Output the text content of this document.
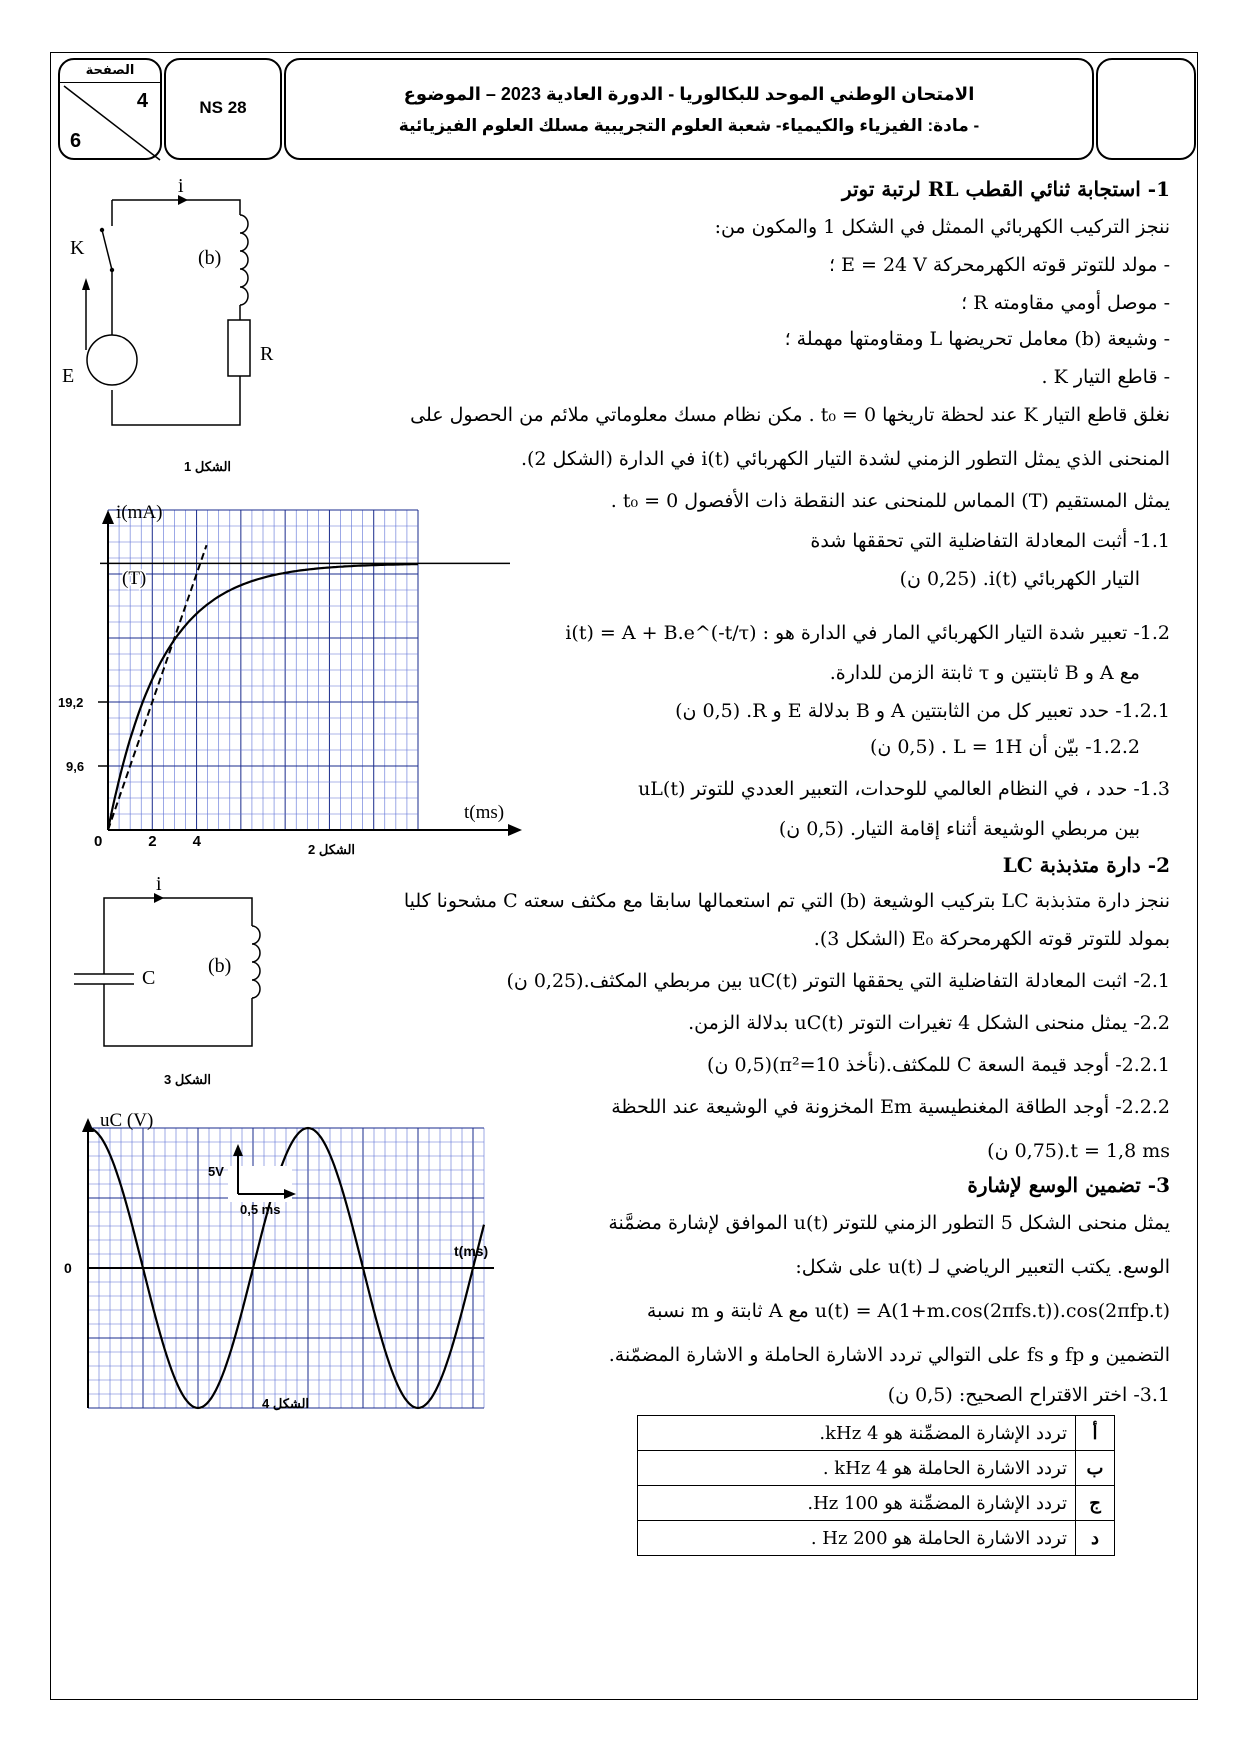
الصفحة
4
6
NS 28
الامتحان الوطني الموحد للبكالوريا - الدورة العادية 2023 – الموضوع
- مادة: الفيزياء والكيمياء- شعبة العلوم التجريبية مسلك العلوم الفيزيائية
1- استجابة ثنائي القطب RL لرتبة توتر
ننجز التركيب الكهربائي الممثل في الشكل 1 والمكون من:
- مولد للتوتر قوته الكهرمحركة E = 24 V ؛
- موصل أومي مقاومته R ؛
- وشيعة (b) معامل تحريضها L ومقاومتها مهملة ؛
- قاطع التيار K .
نغلق قاطع التيار K عند لحظة تاريخها t₀ = 0 . مكن نظام مسك معلوماتي ملائم من الحصول على
المنحنى الذي يمثل التطور الزمني لشدة التيار الكهربائي i(t) في الدارة (الشكل 2).
يمثل المستقيم (T) المماس للمنحنى عند النقطة ذات الأفصول t₀ = 0 .
1.1- أثبت المعادلة التفاضلية التي تحققها شدة
التيار الكهربائي i(t). (0,25 ن)
1.2- تعبير شدة التيار الكهربائي المار في الدارة هو : i(t) = A + B.e^(-t/τ)
مع A و B ثابتتين و τ ثابتة الزمن للدارة.
1.2.1- حدد تعبير كل من الثابتتين A و B بدلالة E و R. (0,5 ن)
1.2.2- بيّن أن L = 1H . (0,5 ن)
1.3- حدد ، في النظام العالمي للوحدات، التعبير العددي للتوتر uL(t)
بين مربطي الوشيعة أثناء إقامة التيار. (0,5 ن)
2- دارة متذبذبة LC
ننجز دارة متذبذبة LC بتركيب الوشيعة (b) التي تم استعمالها سابقا مع مكثف سعته C مشحونا كليا
بمولد للتوتر قوته الكهرمحركة E₀ (الشكل 3).
2.1- اثبت المعادلة التفاضلية التي يحققها التوتر uC(t) بين مربطي المكثف.(0,25 ن)
2.2- يمثل منحنى الشكل 4 تغيرات التوتر uC(t) بدلالة الزمن.
2.2.1- أوجد قيمة السعة C للمكثف.(نأخذ π²=10)(0,5 ن)
2.2.2- أوجد الطاقة المغنطيسية Em المخزونة في الوشيعة عند اللحظة
t = 1,8 ms.(0,75 ن)
3- تضمين الوسع لإشارة
يمثل منحنى الشكل 5 التطور الزمني للتوتر u(t) الموافق لإشارة مضمَّنة
الوسع. يكتب التعبير الرياضي لـ u(t) على شكل:
u(t) = A(1+m.cos(2πfs.t)).cos(2πfp.t) مع A ثابتة و m نسبة
التضمين و fp و fs على التوالي تردد الاشارة الحاملة و الاشارة المضمّنة.
3.1- اختر الاقتراح الصحيح: (0,5 ن)
أ	تردد الإشارة المضمِّنة هو 4 kHz.
ب	تردد الاشارة الحاملة هو 4 kHz .
ج	تردد الإشارة المضمِّنة هو 100 Hz.
د	تردد الاشارة الحاملة هو 200 Hz .
i
K	(b)
R
E
الشكل 1
i(mA)
t(ms)
(T)
19,2
9,6
0	2 4	الشكل 2
i
C
(b)
الشكل 3
uC (V)
t(ms)
0
5V
0,5 ms
الشكل 4
